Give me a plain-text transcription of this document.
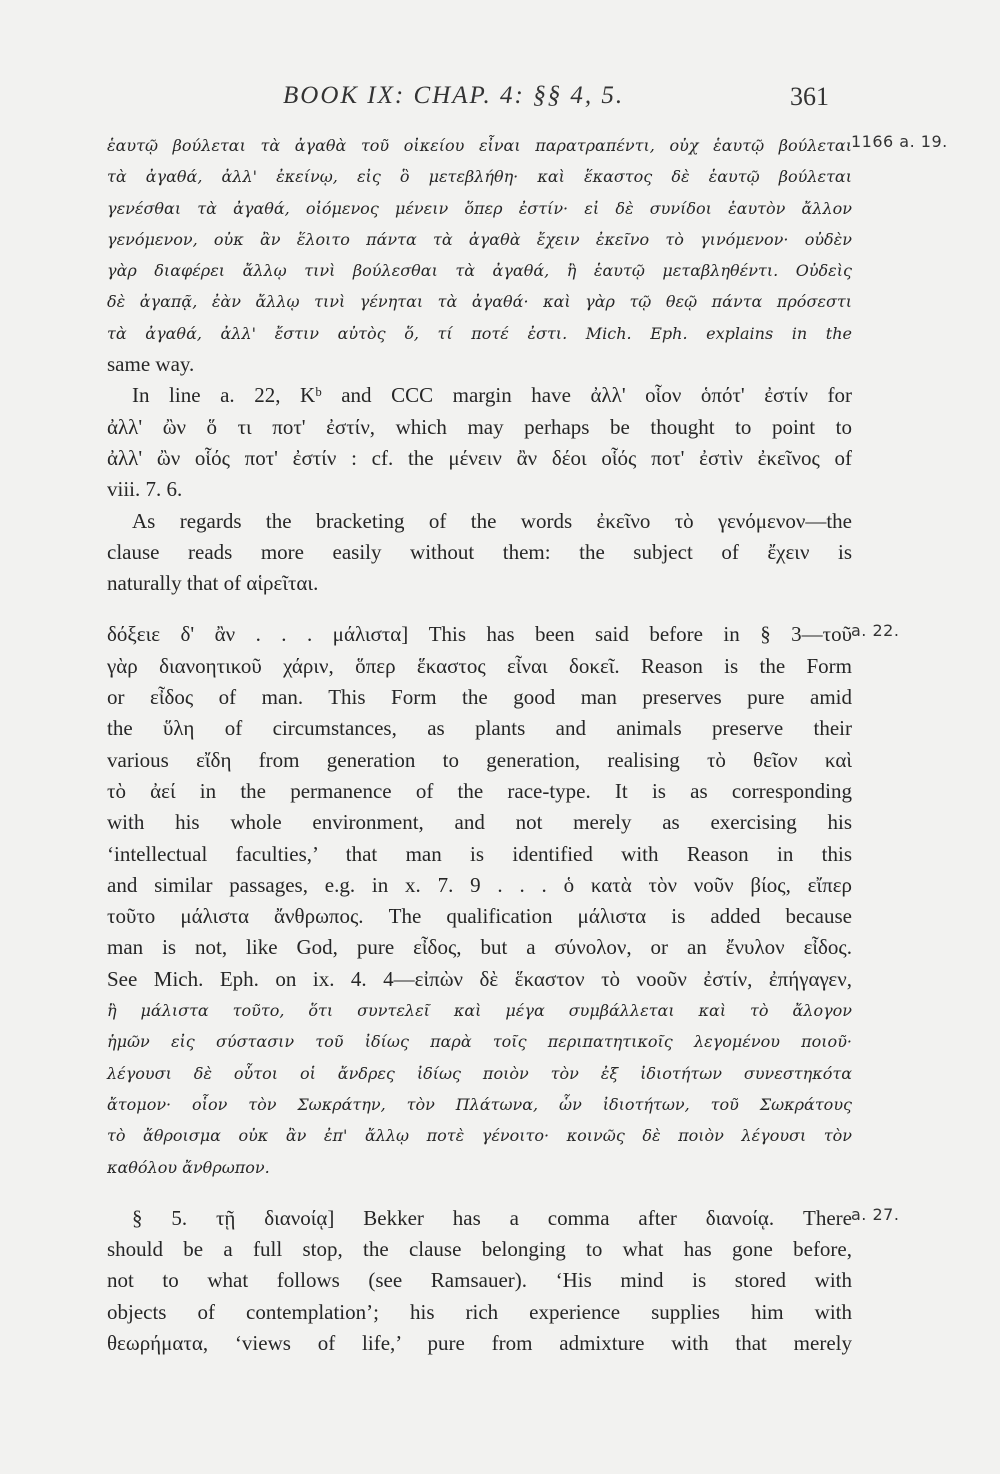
BOOK IX: CHAP. 4: §§ 4, 5.	361
1166 a. 19.
ἑαυτῷ βούλεται τὰ ἀγαθὰ τοῦ οἰκείου εἶναι παρατραπέντι, οὐχ ἑαυτῷ βούλεται
τὰ ἀγαθά, ἀλλ' ἐκείνῳ, εἰς ὃ μετεβλήθη· καὶ ἕκαστος δὲ ἑαυτῷ βούλεται
γενέσθαι τὰ ἀγαθά, οἰόμενος μένειν ὅπερ ἐστίν· εἰ δὲ συνίδοι ἑαυτὸν ἄλλον
γενόμενον, οὐκ ἂν ἕλοιτο πάντα τὰ ἀγαθὰ ἔχειν ἐκεῖνο τὸ γινόμενον· οὐδὲν
γὰρ διαφέρει ἄλλῳ τινὶ βούλεσθαι τὰ ἀγαθά, ἢ ἑαυτῷ μεταβληθέντι. Οὐδεὶς
δὲ ἀγαπᾷ, ἐὰν ἄλλῳ τινὶ γένηται τὰ ἀγαθά· καὶ γὰρ τῷ θεῷ πάντα πρόσεστι
τὰ ἀγαθά, ἀλλ' ἔστιν αὐτὸς ὅ, τί ποτέ ἐστι. Mich. Eph. explains in the
same way.
In line a. 22, Kᵇ and CCC margin have ἀλλ' οἷον ὁπότ' ἐστίν for
ἀλλ' ὢν ὅ τι ποτ' ἐστίν, which may perhaps be thought to point to
ἀλλ' ὢν οἷός ποτ' ἐστίν : cf. the μένειν ἂν δέοι οἷός ποτ' ἐστὶν ἐκεῖνος of
viii. 7. 6.
As regards the bracketing of the words ἐκεῖνο τὸ γενόμενον—the
clause reads more easily without them: the subject of ἔχειν is
naturally that of αἱρεῖται.
a. 22.
δόξειε δ' ἂν . . . μάλιστα] This has been said before in § 3—τοῦ
γὰρ διανοητικοῦ χάριν, ὅπερ ἕκαστος εἶναι δοκεῖ. Reason is the Form
or εἶδος of man. This Form the good man preserves pure amid
the ὕλη of circumstances, as plants and animals preserve their
various εἴδη from generation to generation, realising τὸ θεῖον καὶ
τὸ ἀεί in the permanence of the race-type. It is as corresponding
with his whole environment, and not merely as exercising his
‘intellectual faculties,’ that man is identified with Reason in this
and similar passages, e.g. in x. 7. 9 . . . ὁ κατὰ τὸν νοῦν βίος, εἴπερ
τοῦτο μάλιστα ἄνθρωπος. The qualification μάλιστα is added because
man is not, like God, pure εἶδος, but a σύνολον, or an ἔνυλον εἶδος.
See Mich. Eph. on ix. 4. 4—εἰπὼν δὲ ἕκαστον τὸ νοοῦν ἐστίν, ἐπήγαγεν,
ἢ μάλιστα τοῦτο, ὅτι συντελεῖ καὶ μέγα συμβάλλεται καὶ τὸ ἄλογον
ἡμῶν εἰς σύστασιν τοῦ ἰδίως παρὰ τοῖς περιπατητικοῖς λεγομένου ποιοῦ·
λέγουσι δὲ οὗτοι οἱ ἄνδρες ἰδίως ποιὸν τὸν ἐξ ἰδιοτήτων συνεστηκότα
ἄτομον· οἷον τὸν Σωκράτην, τὸν Πλάτωνα, ὧν ἰδιοτήτων, τοῦ Σωκράτους
τὸ ἄθροισμα οὐκ ἂν ἐπ' ἄλλῳ ποτὲ γένοιτο· κοινῶς δὲ ποιὸν λέγουσι τὸν
καθόλου ἄνθρωπον.
a. 27.
§ 5. τῇ διανοίᾳ] Bekker has a comma after διανοίᾳ. There
should be a full stop, the clause belonging to what has gone before,
not to what follows (see Ramsauer). ‘His mind is stored with
objects of contemplation’; his rich experience supplies him with
θεωρήματα, ‘views of life,’ pure from admixture with that merely
